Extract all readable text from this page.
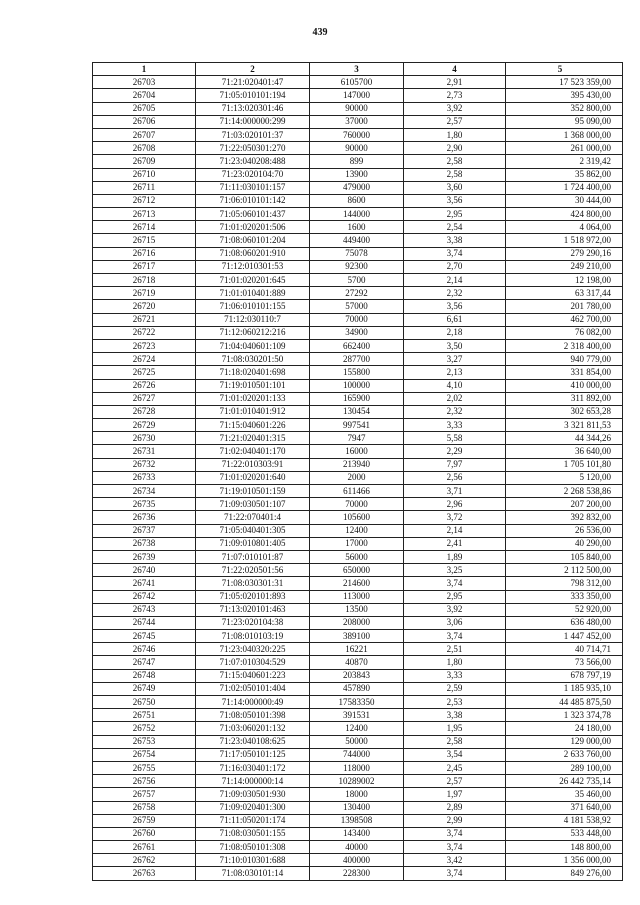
439
1	2	3	4	5
26703	71:21:020401:47	6105700	2,91	17 523 359,00
26704	71:05:010101:194	147000	2,73	395 430,00
26705	71:13:020301:46	90000	3,92	352 800,00
26706	71:14:000000:299	37000	2,57	95 090,00
26707	71:03:020101:37	760000	1,80	1 368 000,00
26708	71:22:050301:270	90000	2,90	261 000,00
26709	71:23:040208:488	899	2,58	2 319,42
26710	71:23:020104:70	13900	2,58	35 862,00
26711	71:11:030101:157	479000	3,60	1 724 400,00
26712	71:06:010101:142	8600	3,56	30 444,00
26713	71:05:060101:437	144000	2,95	424 800,00
26714	71:01:020201:506	1600	2,54	4 064,00
26715	71:08:060101:204	449400	3,38	1 518 972,00
26716	71:08:060201:910	75078	3,74	279 290,16
26717	71:12:010301:53	92300	2,70	249 210,00
26718	71:01:020201:645	5700	2,14	12 198,00
26719	71:01:010401:889	27292	2,32	63 317,44
26720	71:06:010101:155	57000	3,56	201 780,00
26721	71:12:030110:7	70000	6,61	462 700,00
26722	71:12:060212:216	34900	2,18	76 082,00
26723	71:04:040601:109	662400	3,50	2 318 400,00
26724	71:08:030201:50	287700	3,27	940 779,00
26725	71:18:020401:698	155800	2,13	331 854,00
26726	71:19:010501:101	100000	4,10	410 000,00
26727	71:01:020201:133	165900	2,02	311 892,00
26728	71:01:010401:912	130454	2,32	302 653,28
26729	71:15:040601:226	997541	3,33	3 321 811,53
26730	71:21:020401:315	7947	5,58	44 344,26
26731	71:02:040401:170	16000	2,29	36 640,00
26732	71:22:010303:91	213940	7,97	1 705 101,80
26733	71:01:020201:640	2000	2,56	5 120,00
26734	71:19:010501:159	611466	3,71	2 268 538,86
26735	71:09:030501:107	70000	2,96	207 200,00
26736	71:22:070401:4	105600	3,72	392 832,00
26737	71:05:040401:305	12400	2,14	26 536,00
26738	71:09:010801:405	17000	2,41	40 290,00
26739	71:07:010101:87	56000	1,89	105 840,00
26740	71:22:020501:56	650000	3,25	2 112 500,00
26741	71:08:030301:31	214600	3,74	798 312,00
26742	71:05:020101:893	113000	2,95	333 350,00
26743	71:13:020101:463	13500	3,92	52 920,00
26744	71:23:020104:38	208000	3,06	636 480,00
26745	71:08:010103:19	389100	3,74	1 447 452,00
26746	71:23:040320:225	16221	2,51	40 714,71
26747	71:07:010304:529	40870	1,80	73 566,00
26748	71:15:040601:223	203843	3,33	678 797,19
26749	71:02:050101:404	457890	2,59	1 185 935,10
26750	71:14:000000:49	17583350	2,53	44 485 875,50
26751	71:08:050101:398	391531	3,38	1 323 374,78
26752	71:03:060201:132	12400	1,95	24 180,00
26753	71:23:040108:625	50000	2,58	129 000,00
26754	71:17:050101:125	744000	3,54	2 633 760,00
26755	71:16:030401:172	118000	2,45	289 100,00
26756	71:14:000000:14	10289002	2,57	26 442 735,14
26757	71:09:030501:930	18000	1,97	35 460,00
26758	71:09:020401:300	130400	2,89	371 640,00
26759	71:11:050201:174	1398508	2,99	4 181 538,92
26760	71:08:030501:155	143400	3,74	533 448,00
26761	71:08:050101:308	40000	3,74	148 800,00
26762	71:10:010301:688	400000	3,42	1 356 000,00
26763	71:08:030101:14	228300	3,74	849 276,00
